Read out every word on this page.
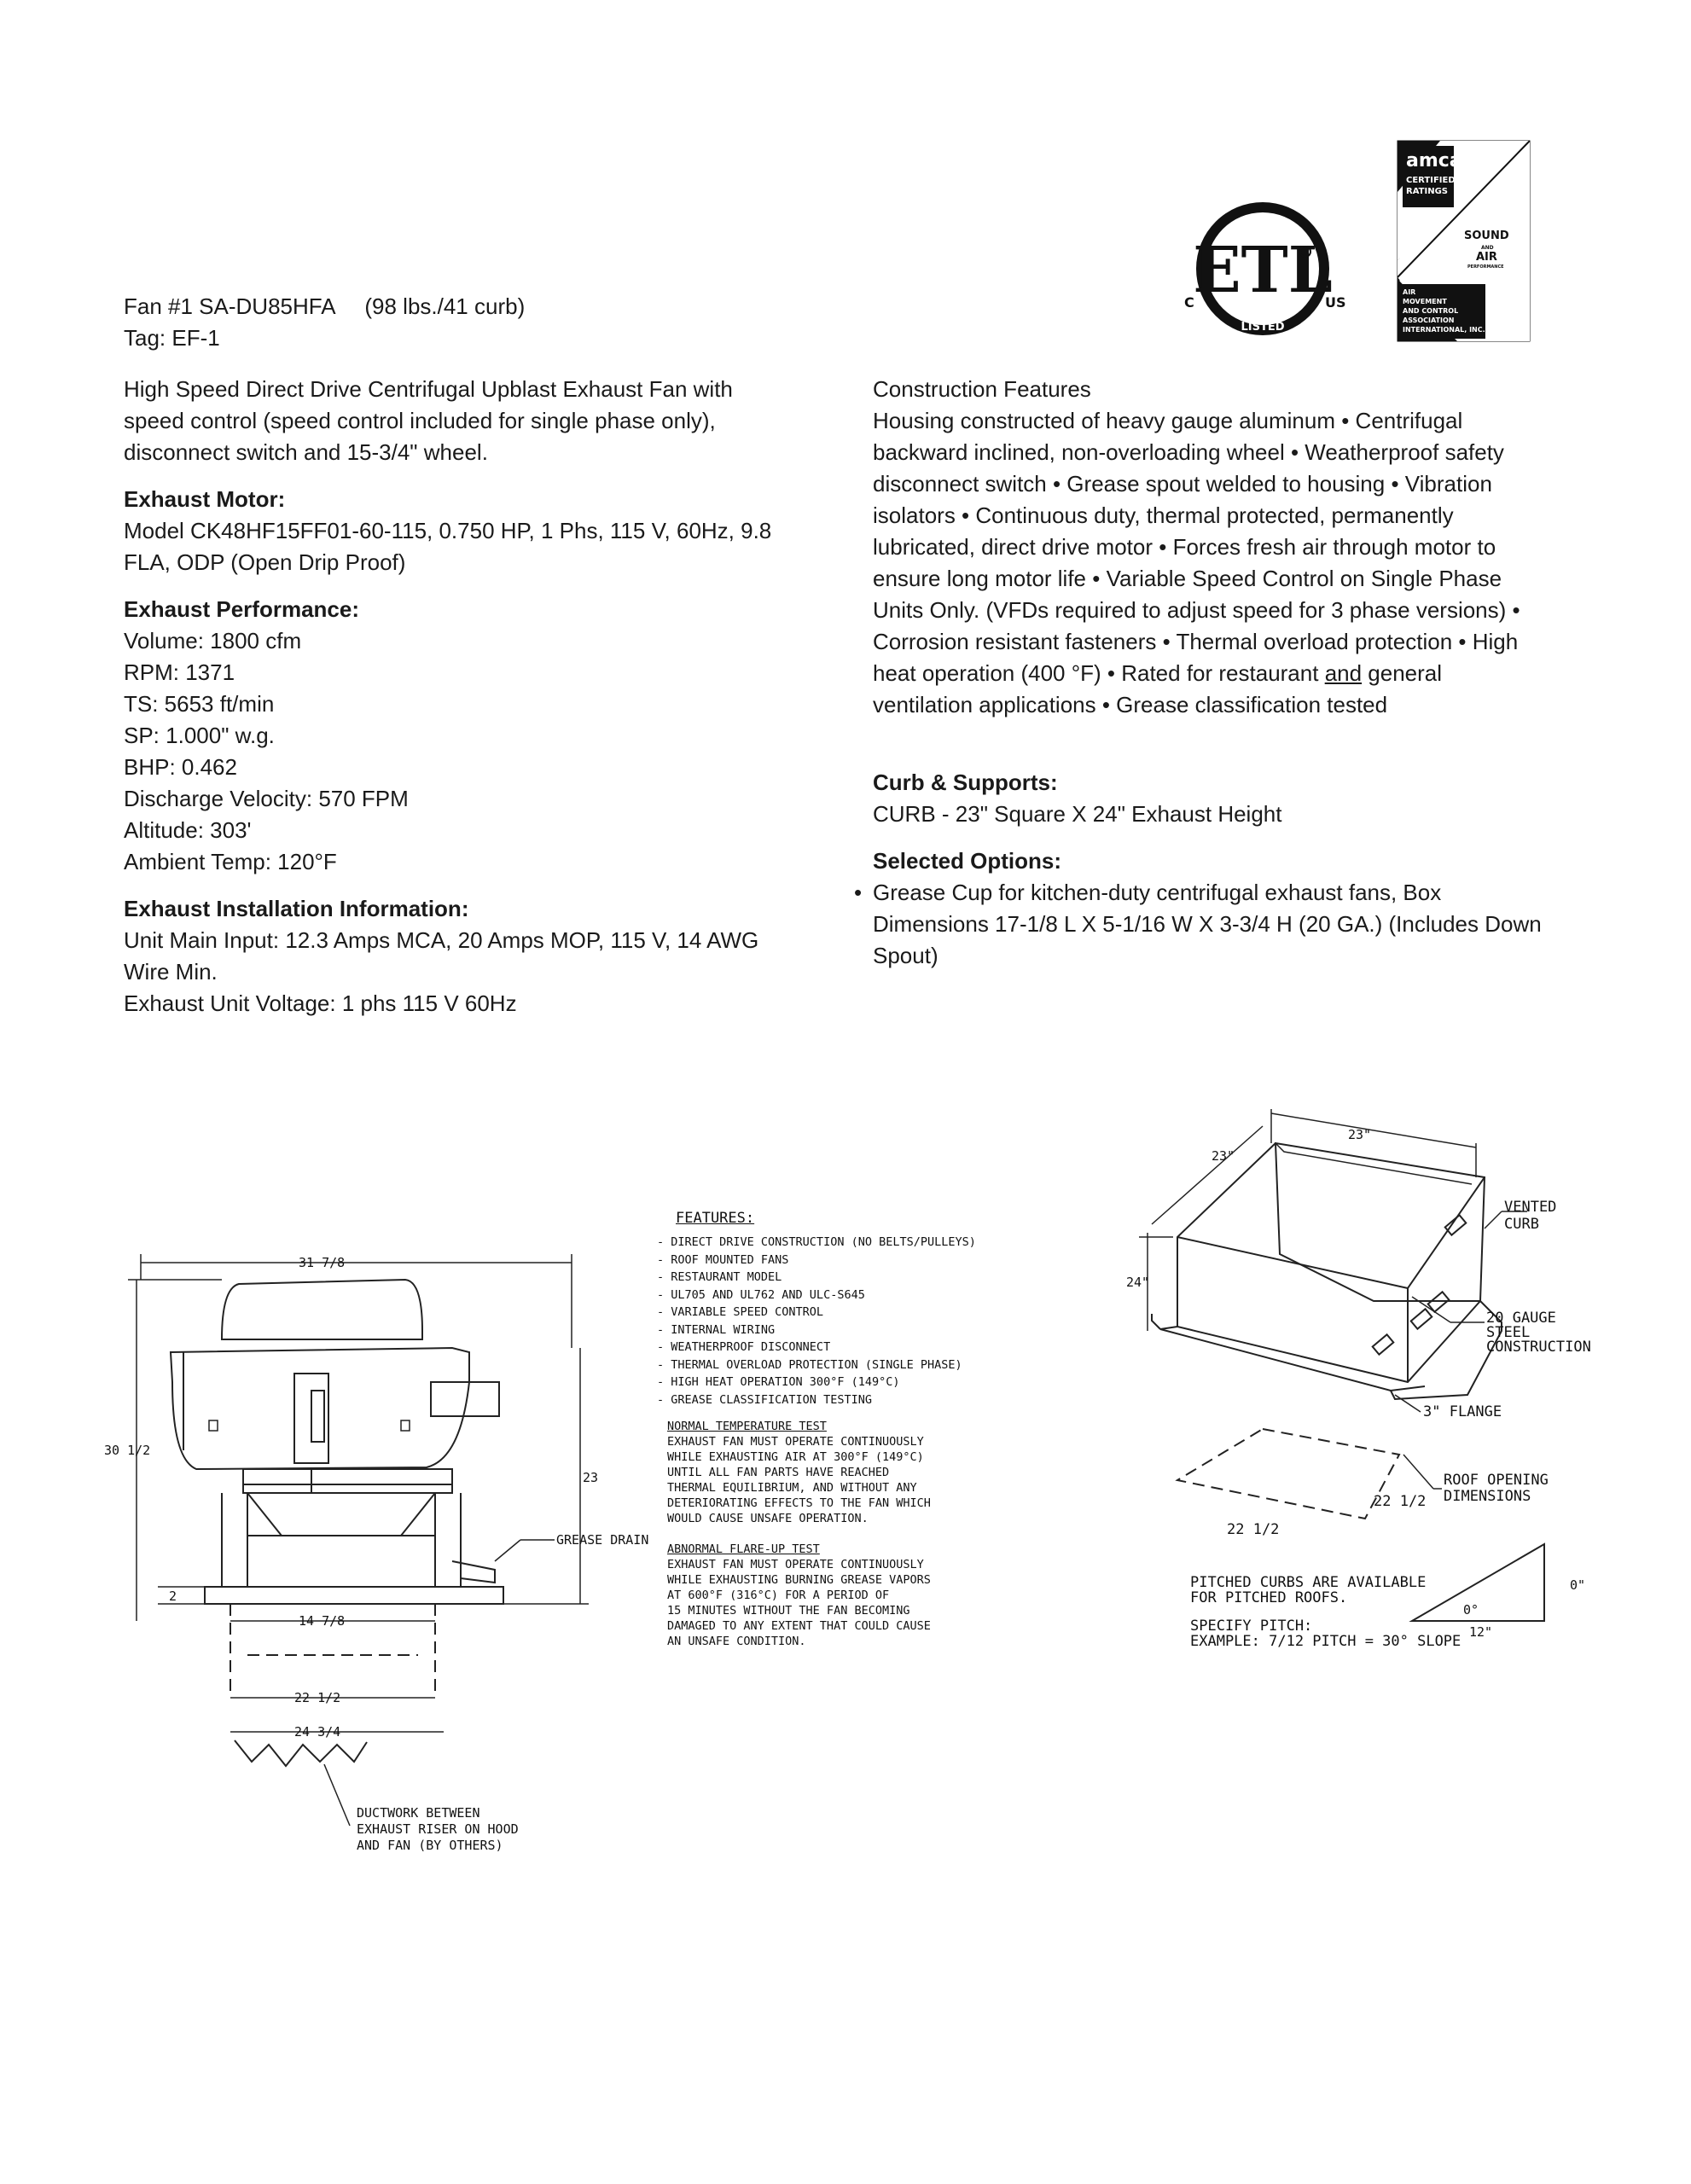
Fan #1 SA-DU85HFA (98 lbs./41 curb)
Tag: EF-1
ETL
C	US
LISTED
amca
CERTIFIED
RATINGS
SOUND
AND
AIR
PERFORMANCE
AIR
MOVEMENT
AND CONTROL
ASSOCIATION
INTERNATIONAL, INC.
High Speed Direct Drive Centrifugal Upblast Exhaust Fan with speed control (speed control included for single phase only), disconnect switch and 15-3/4" wheel.
Exhaust Motor:
Model CK48HF15FF01-60-115, 0.750 HP, 1 Phs, 115 V, 60Hz, 9.8 FLA, ODP (Open Drip Proof)
Exhaust Performance:
Volume: 1800 cfm
RPM: 1371
TS: 5653 ft/min
SP: 1.000" w.g.
BHP: 0.462
Discharge Velocity: 570 FPM
Altitude: 303'
Ambient Temp: 120°F
Exhaust Installation Information:
Unit Main Input: 12.3 Amps MCA, 20 Amps MOP, 115 V, 14 AWG Wire Min.
Exhaust Unit Voltage: 1 phs 115 V 60Hz
Construction Features
Housing constructed of heavy gauge aluminum • Centrifugal backward inclined, non-overloading wheel • Weatherproof safety disconnect switch • Grease spout welded to housing • Vibration isolators • Continuous duty, thermal protected, permanently lubricated, direct drive motor • Forces fresh air through motor to ensure long motor life • Variable Speed Control on Single Phase Units Only. (VFDs required to adjust speed for 3 phase versions) • Corrosion resistant fasteners • Thermal overload protection • High heat operation (400 °F) • Rated for restaurant and general ventilation applications • Grease classification tested
Curb & Supports:
CURB - 23" Square X 24" Exhaust Height
Selected Options:
• Grease Cup for kitchen-duty centrifugal exhaust fans, Box Dimensions 17-1/8 L X 5-1/16 W X 3-3/4 H (20 GA.) (Includes Down Spout)
31 7/8
GREASE DRAIN
30 1/2
2
23
14 7/8
22 1/2
24 3/4
DUCTWORK BETWEEN
EXHAUST RISER ON HOOD
AND FAN (BY OTHERS)
FEATURES:
- DIRECT DRIVE CONSTRUCTION (NO BELTS/PULLEYS)
- ROOF MOUNTED FANS
- RESTAURANT MODEL
- UL705 AND UL762 AND ULC-S645
- VARIABLE SPEED CONTROL
- INTERNAL WIRING
- WEATHERPROOF DISCONNECT
- THERMAL OVERLOAD PROTECTION (SINGLE PHASE)
- HIGH HEAT OPERATION 300°F (149°C)
- GREASE CLASSIFICATION TESTING
NORMAL TEMPERATURE TEST
EXHAUST FAN MUST OPERATE CONTINUOUSLY
WHILE EXHAUSTING AIR AT 300°F (149°C)
UNTIL ALL FAN PARTS HAVE REACHED
THERMAL EQUILIBRIUM, AND WITHOUT ANY
DETERIORATING EFFECTS TO THE FAN WHICH
WOULD CAUSE UNSAFE OPERATION.
ABNORMAL FLARE-UP TEST
EXHAUST FAN MUST OPERATE CONTINUOUSLY
WHILE EXHAUSTING BURNING GREASE VAPORS
AT 600°F (316°C) FOR A PERIOD OF
15 MINUTES WITHOUT THE FAN BECOMING
DAMAGED TO ANY EXTENT THAT COULD CAUSE
AN UNSAFE CONDITION.
23"
23"
24"
VENTED
CURB
20 GAUGE
STEEL
CONSTRUCTION
3" FLANGE
ROOF OPENING
DIMENSIONS
22 1/2
22 1/2
PITCHED CURBS ARE AVAILABLE
FOR PITCHED ROOFS.
SPECIFY PITCH:
EXAMPLE: 7/12 PITCH = 30° SLOPE
0"
0°
12"
